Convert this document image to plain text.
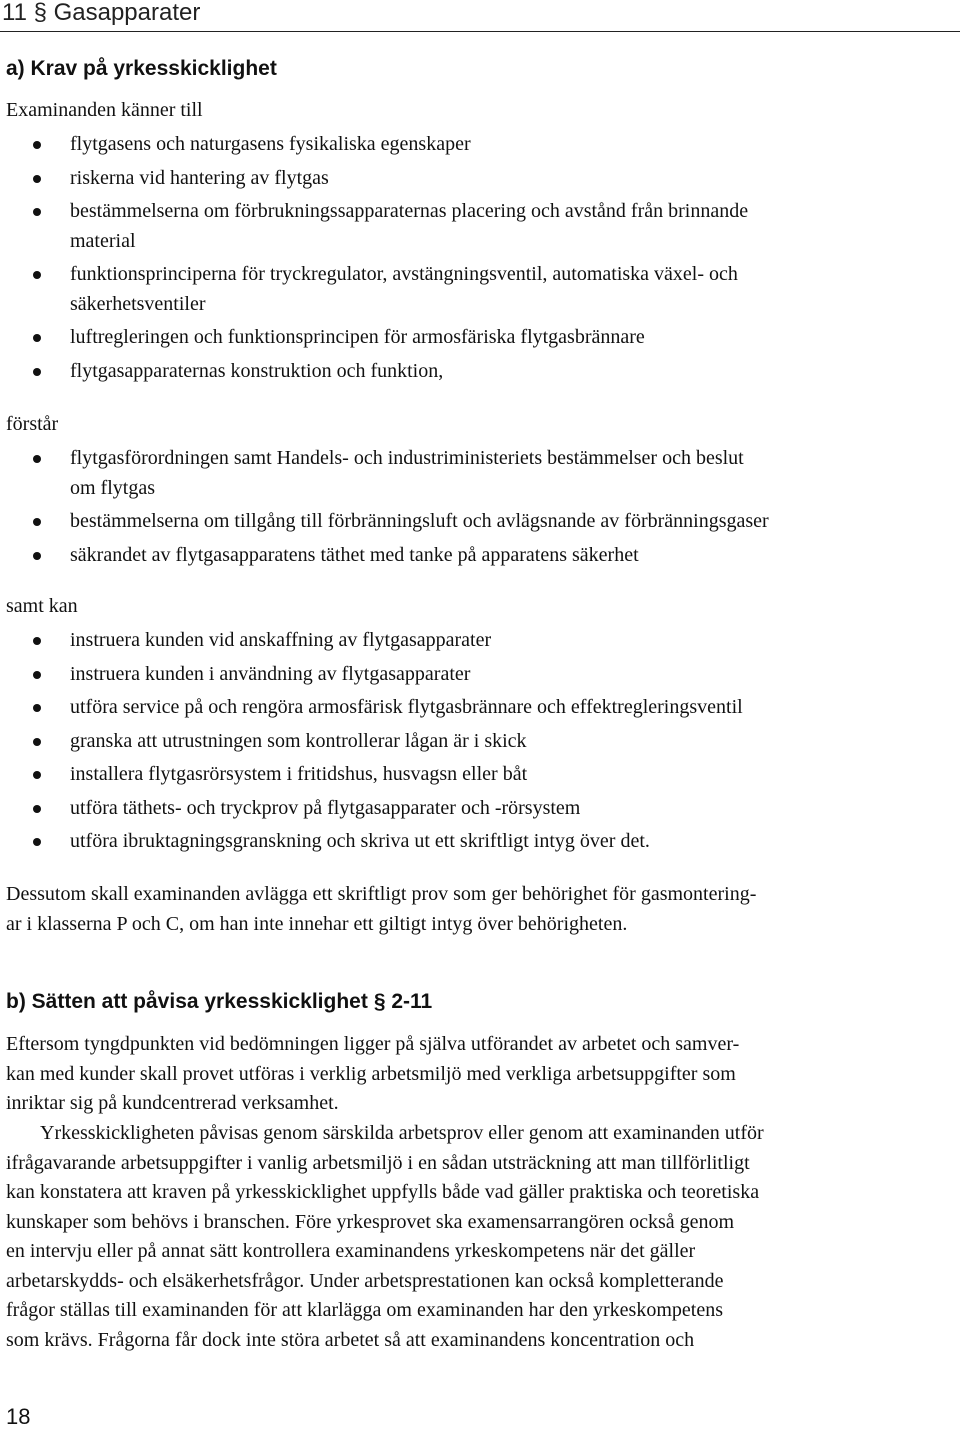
11 § Gasapparater
a) Krav på yrkesskicklighet
Examinanden känner till
flytgasens och naturgasens fysikaliska egenskaper
riskerna vid hantering av flytgas
bestämmelserna om förbrukningssapparaternas placering och avstånd från brinnande
material
funktionsprinciperna för tryckregulator, avstängningsventil, automatiska växel- och
säkerhetsventiler
luftregleringen och funktionsprincipen för armosfäriska flytgasbrännare
flytgasapparaternas konstruktion och funktion,
förstår
flytgasförordningen samt Handels- och industriministeriets bestämmelser och beslut
om flytgas
bestämmelserna om tillgång till förbränningsluft och avlägsnande av förbränningsgaser
säkrandet av flytgasapparatens täthet med tanke på apparatens säkerhet
samt kan
instruera kunden vid anskaffning av flytgasapparater
instruera kunden i användning av flytgasapparater
utföra service på och rengöra armosfärisk flytgasbrännare och effektregleringsventil
granska att utrustningen som kontrollerar lågan är i skick
installera flytgasrörsystem i fritidshus, husvagsn eller båt
utföra täthets- och tryckprov på flytgasapparater och -rörsystem
utföra ibruktagningsgranskning och skriva ut ett skriftligt intyg över det.
Dessutom skall examinanden avlägga ett skriftligt prov som ger behörighet för gasmontering-
ar i klasserna P och C, om han inte innehar ett giltigt intyg över behörigheten.
b) Sätten att påvisa yrkesskicklighet § 2-11
Eftersom tyngdpunkten vid bedömningen ligger på själva utförandet av arbetet och samver-
kan med kunder skall provet utföras i verklig arbetsmiljö med verkliga arbetsuppgifter som
inriktar sig på kundcentrerad verksamhet.
Yrkesskickligheten påvisas genom särskilda arbetsprov eller genom att examinanden utför
ifrågavarande arbetsuppgifter i vanlig arbetsmiljö i en sådan utsträckning att man tillförlitligt
kan konstatera att kraven på yrkesskicklighet uppfylls både vad gäller praktiska och teoretiska
kunskaper som behövs i branschen. Före yrkesprovet ska examensarrangören också genom
en intervju eller på annat sätt kontrollera examinandens yrkeskompetens när det gäller
arbetarskydds- och elsäkerhetsfrågor. Under arbetsprestationen kan också kompletterande
frågor ställas till examinanden för att klarlägga om examinanden har den yrkeskompetens
som krävs. Frågorna får dock inte störa arbetet så att examinandens koncentration och
18
